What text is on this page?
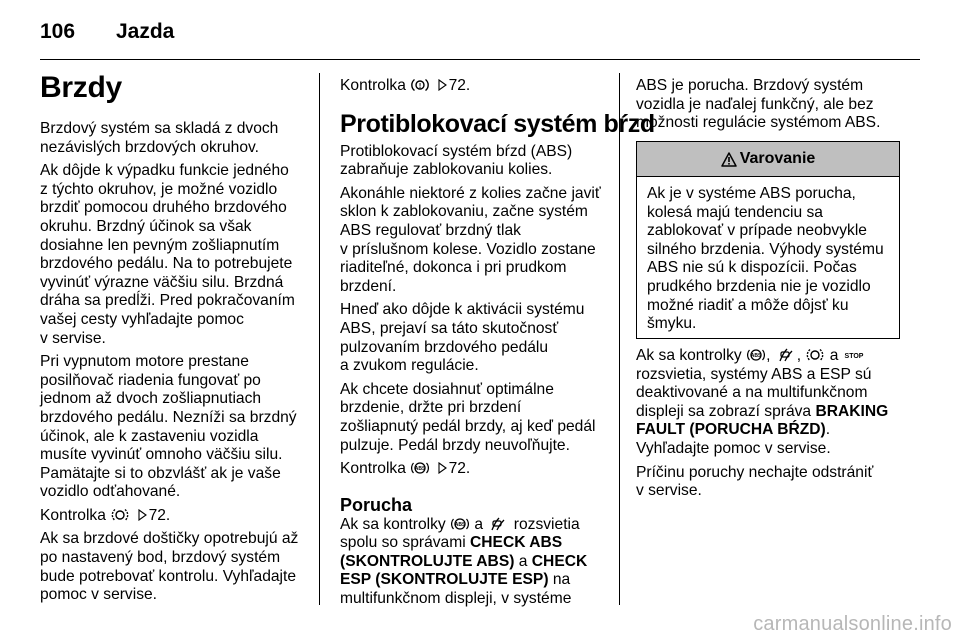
106 Jazda
Brzdy

Brzdový systém sa skladá z dvoch
nezávislých brzdových okruhov.

Ak dôjde k výpadku funkcie jedného
z týchto okruhov, je možné vozidlo
brzdiť pomocou druhého brzdového
okruhu. Brzdný účinok sa však
dosiahne len pevným zošliapnutím
brzdového pedálu. Na to potrebujete
vyvinúť výrazne väčšiu silu. Brzdná
dráha sa predĺži. Pred pokračovaním
vašej cesty vyhľadajte pomoc
v servise.

Pri vypnutom motore prestane
posilňovač riadenia fungovať po
jednom až dvoch zošliapnutiach
brzdového pedálu. Nezníži sa brzdný
účinok, ale k zastaveniu vozidla
musíte vyvinúť omnoho väčšiu silu.
Pamätajte si to obzvlášť ak je vaše
vozidlo odťahované.

Kontrolka	72.

Ak sa brzdové doštičky opotrebujú až
po nastavený bod, brzdový systém
bude potrebovať kontrolu. Vyhľadajte
pomoc v servise.

Kontrolka ! 72.

Protiblokovací systém bŕzd

Protiblokovací systém bŕzd (ABS)
zabraňuje zablokovaniu kolies.

Akonáhle niektoré z kolies začne javiť
sklon k zablokovaniu, začne systém
ABS regulovať brzdný tlak
v príslušnom kolese. Vozidlo zostane
riaditeľné, dokonca i pri prudkom
brzdení.

Hneď ako dôjde k aktivácii systému
ABS, prejaví sa táto skutočnosť
pulzovaním brzdového pedálu
a zvukom regulácie.

Ak chcete dosiahnuť optimálne
brzdenie, držte pri brzdení
zošliapnutý pedál brzdy, aj keď pedál
pulzuje. Pedál brzdy neuvoľňujte.

Kontrolka ABS 72.

Porucha

Ak sa kontrolky ABS a rozsvietia
spolu so správami CHECK ABS
(SKONTROLUJTE ABS) a CHECK
ESP (SKONTROLUJTE ESP) na
multifunkčnom displeji, v systéme

ABS je porucha. Brzdový systém
vozidla je naďalej funkčný, ale bez
možnosti regulácie systémom ABS.

Varovanie
Ak je v systéme ABS porucha,
kolesá majú tendenciu sa
zablokovať v prípade neobvykle
silného brzdenia. Výhody systému
ABS nie sú k dispozícii. Počas
prudkého brzdenia nie je vozidlo
možné riadiť a môže dôjsť ku
šmyku.

Ak sa kontrolky ABS , ,  a STOP
rozsvietia, systémy ABS a ESP sú
deaktivované a na multifunkčnom
displeji sa zobrazí správa BRAKING
FAULT (PORUCHA BŔZD).
Vyhľadajte pomoc v servise.

Príčinu poruchy nechajte odstrániť
v servise.

carmanualsonline.info
